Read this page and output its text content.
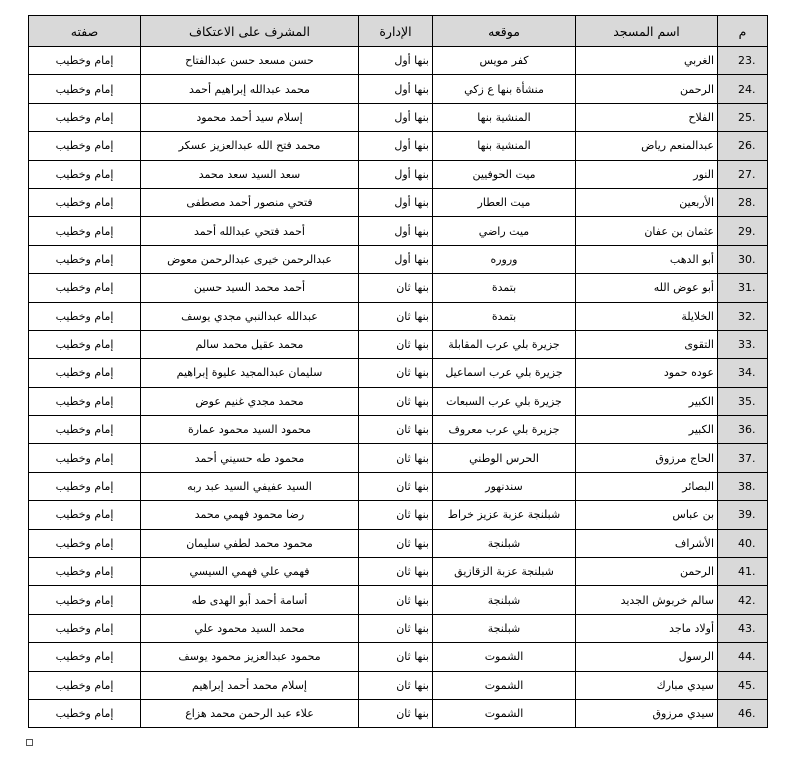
م	اسم المسجد	موقعه	الإدارة	المشرف على الاعتكاف	صفته
23.	الغربي	كفر مويس	بنها أول	حسن مسعد حسن عبدالفتاح	إمام وخطيب
24.	الرحمن	منشأة بنها ع زكي	بنها أول	محمد عبدالله إبراهيم أحمد	إمام وخطيب
25.	الفلاح	المنشية بنها	بنها أول	إسلام سيد أحمد محمود	إمام وخطيب
26.	عبدالمنعم رياض	المنشية بنها	بنها أول	محمد فتح الله عبدالعزيز عسكر	إمام وخطيب
27.	النور	ميت الحوفيين	بنها أول	سعد السيد سعد محمد	إمام وخطيب
28.	الأربعين	ميت العطار	بنها أول	فتحي منصور أحمد مصطفى	إمام وخطيب
29.	عثمان بن عفان	ميت راضي	بنها أول	أحمد فتحي عبدالله أحمد	إمام وخطيب
30.	أبو الدهب	وروره	بنها أول	عبدالرحمن خيرى عبدالرحمن معوض	إمام وخطيب
31.	أبو عوض الله	بتمدة	بنها ثان	أحمد محمد السيد حسين	إمام وخطيب
32.	الخلايلة	بتمدة	بنها ثان	عبدالله عبدالنبي مجدي يوسف	إمام وخطيب
33.	التقوى	جزيرة بلي عرب المقابلة	بنها ثان	محمد عقيل محمد سالم	إمام وخطيب
34.	عوده حمود	جزيرة بلي عرب اسماعيل	بنها ثان	سليمان عبدالمجيد عليوة إبراهيم	إمام وخطيب
35.	الكبير	جزيرة بلي عرب السبعات	بنها ثان	محمد مجدي غنيم عوض	إمام وخطيب
36.	الكبير	جزيرة بلي عرب معروف	بنها ثان	محمود السيد محمود عمارة	إمام وخطيب
37.	الحاج مرزوق	الحرس الوطني	بنها ثان	محمود طه حسيني أحمد	إمام وخطيب
38.	البصائر	سندنهور	بنها ثان	السيد عفيفي السيد عبد ربه	إمام وخطيب
39.	بن عباس	شبلنجة عزبة عزيز خراط	بنها ثان	رضا محمود فهمي محمد	إمام وخطيب
40.	الأشراف	شبلنجة	بنها ثان	محمود محمد لطفي سليمان	إمام وخطيب
41.	الرحمن	شبلنجة عزبة الزقازيق	بنها ثان	فهمي علي فهمي السيسي	إمام وخطيب
42.	سالم خربوش الجديد	شبلنجة	بنها ثان	أسامة أحمد أبو الهدى طه	إمام وخطيب
43.	أولاد ماجد	شبلنجة	بنها ثان	محمد السيد محمود علي	إمام وخطيب
44.	الرسول	الشموت	بنها ثان	محمود عبدالعزيز محمود يوسف	إمام وخطيب
45.	سيدي مبارك	الشموت	بنها ثان	إسلام محمد أحمد إبراهيم	إمام وخطيب
46.	سيدي مرزوق	الشموت	بنها ثان	علاء عبد الرحمن محمد هزاع	إمام وخطيب
